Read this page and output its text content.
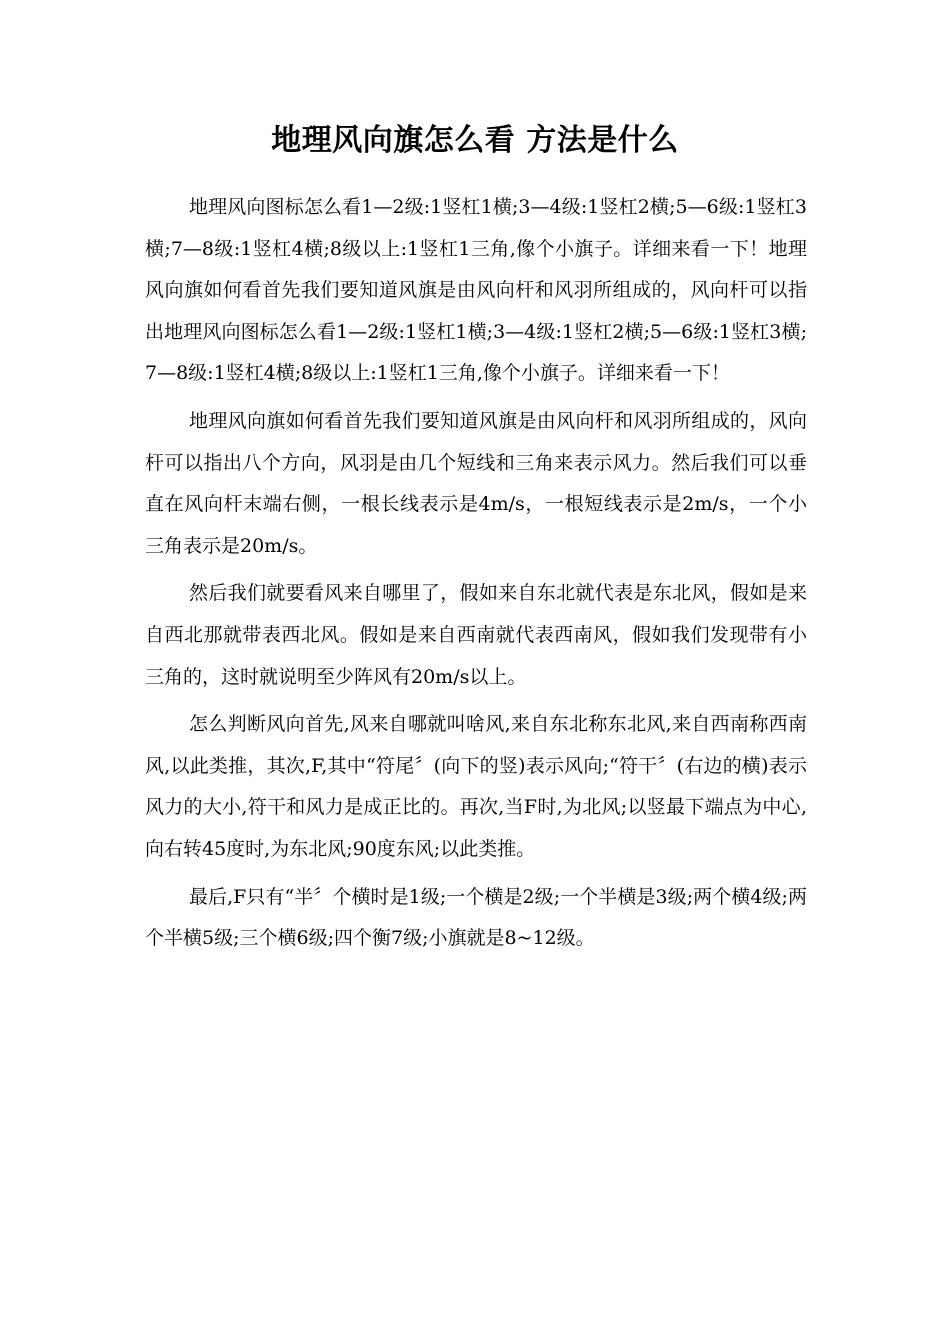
地理风向旗怎么看 方法是什么

地理风向图标怎么看1—2级:1竖杠1横;3—4级:1竖杠2横;5—6级:1竖杠3横;7—8级:1竖杠4横;8级以上:1竖杠1三角,像个小旗子。详细来看一下！地理风向旗如何看首先我们要知道风旗是由风向杆和风羽所组成的，风向杆可以指出地理风向图标怎么看1—2级:1竖杠1横;3—4级:1竖杠2横;5—6级:1竖杠3横;7—8级:1竖杠4横;8级以上:1竖杠1三角,像个小旗子。详细来看一下！

地理风向旗如何看首先我们要知道风旗是由风向杆和风羽所组成的，风向杆可以指出八个方向，风羽是由几个短线和三角来表示风力。然后我们可以垂直在风向杆末端右侧，一根长线表示是4m/s，一根短线表示是2m/s，一个小三角表示是20m/s。

然后我们就要看风来自哪里了，假如来自东北就代表是东北风，假如是来自西北那就带表西北风。假如是来自西南就代表西南风，假如我们发现带有小三角的，这时就说明至少阵风有20m/s以上。

怎么判断风向首先,风来自哪就叫啥风,来自东北称东北风,来自西南称西南风,以此类推，其次,F,其中“符尾〞(向下的竖)表示风向;“符干〞(右边的横)表示风力的大小,符干和风力是成正比的。再次,当F时,为北风;以竖最下端点为中心,向右转45度时,为东北风;90度东风;以此类推。

最后,F只有“半〞个横时是1级;一个横是2级;一个半横是3级;两个横4级;两个半横5级;三个横6级;四个衡7级;小旗就是8~12级。
